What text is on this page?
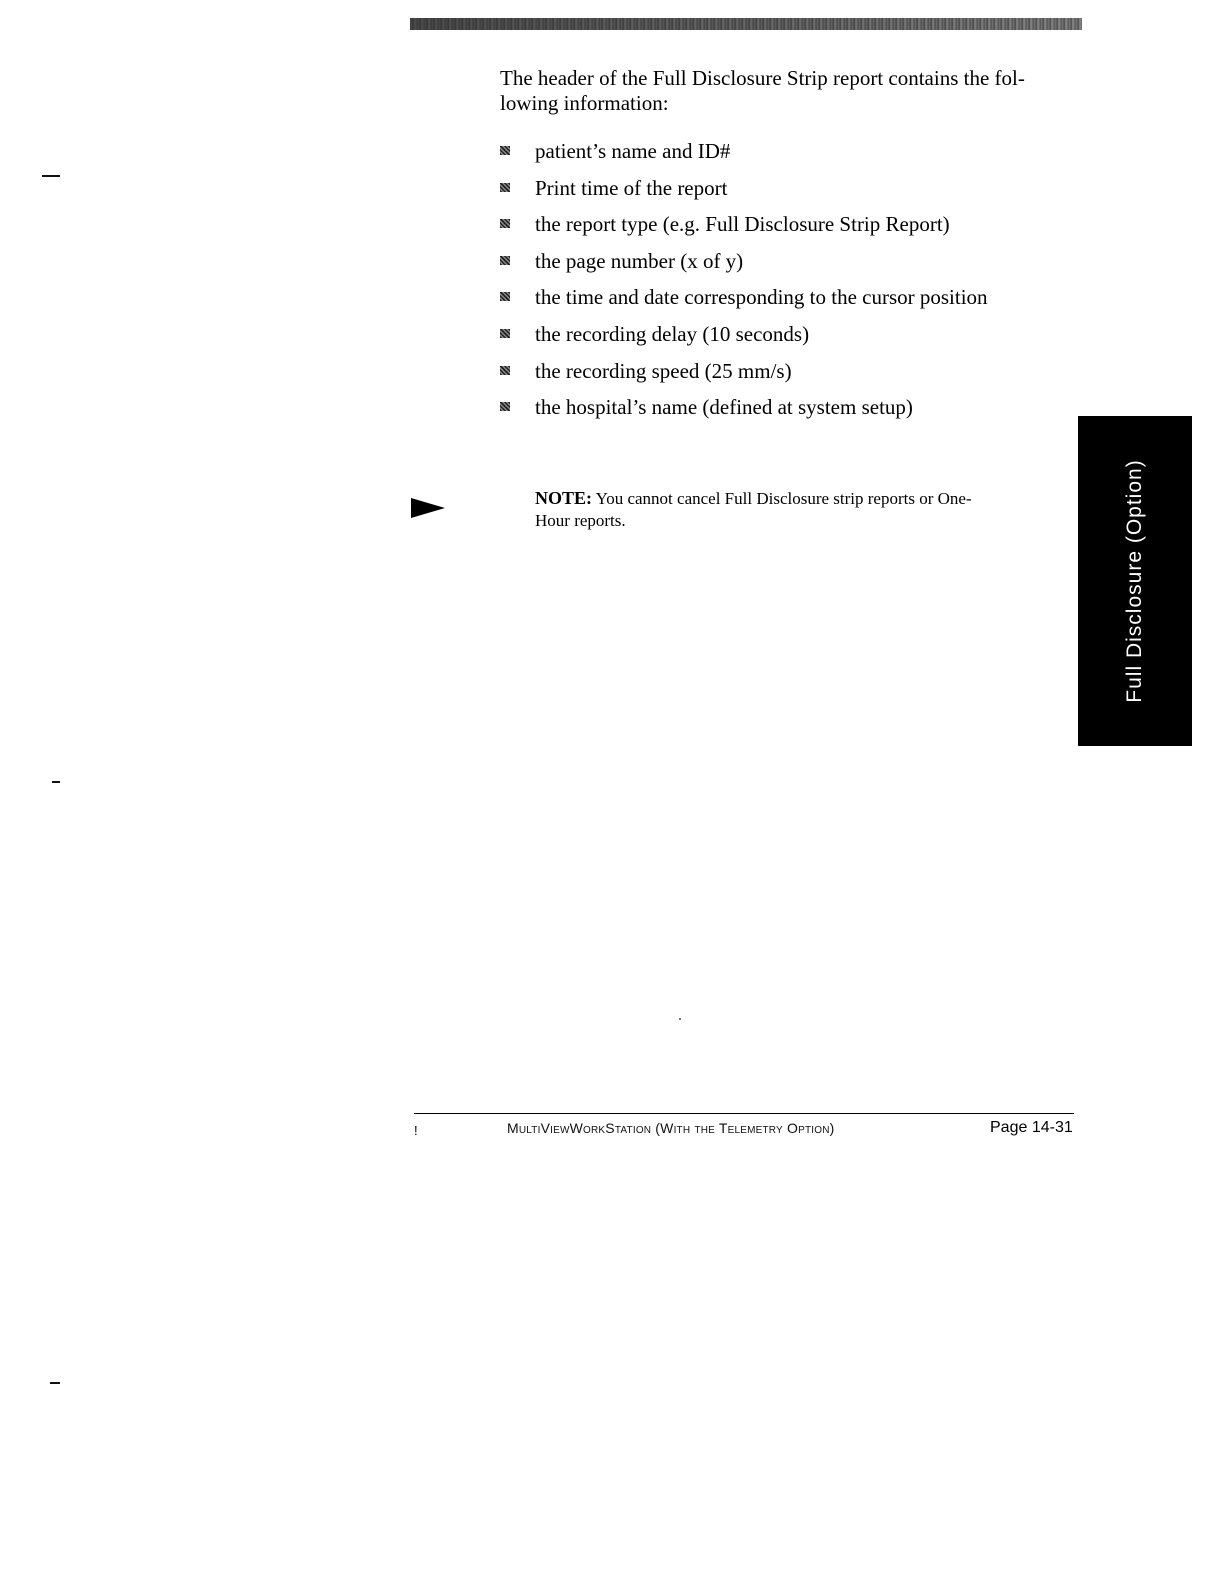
The header of the Full Disclosure Strip report contains the fol-
lowing information:
patient’s name and ID#
Print time of the report
the report type (e.g. Full Disclosure Strip Report)
the page number (x of y)
the time and date corresponding to the cursor position
the recording delay (10 seconds)
the recording speed (25 mm/s)
the hospital’s name (defined at system setup)
NOTE: You cannot cancel Full Disclosure strip reports or One-
Hour reports.	Full Disclosure (Option)
!	MultiViewWorkStation (With the Telemetry Option)	Page 14-31
